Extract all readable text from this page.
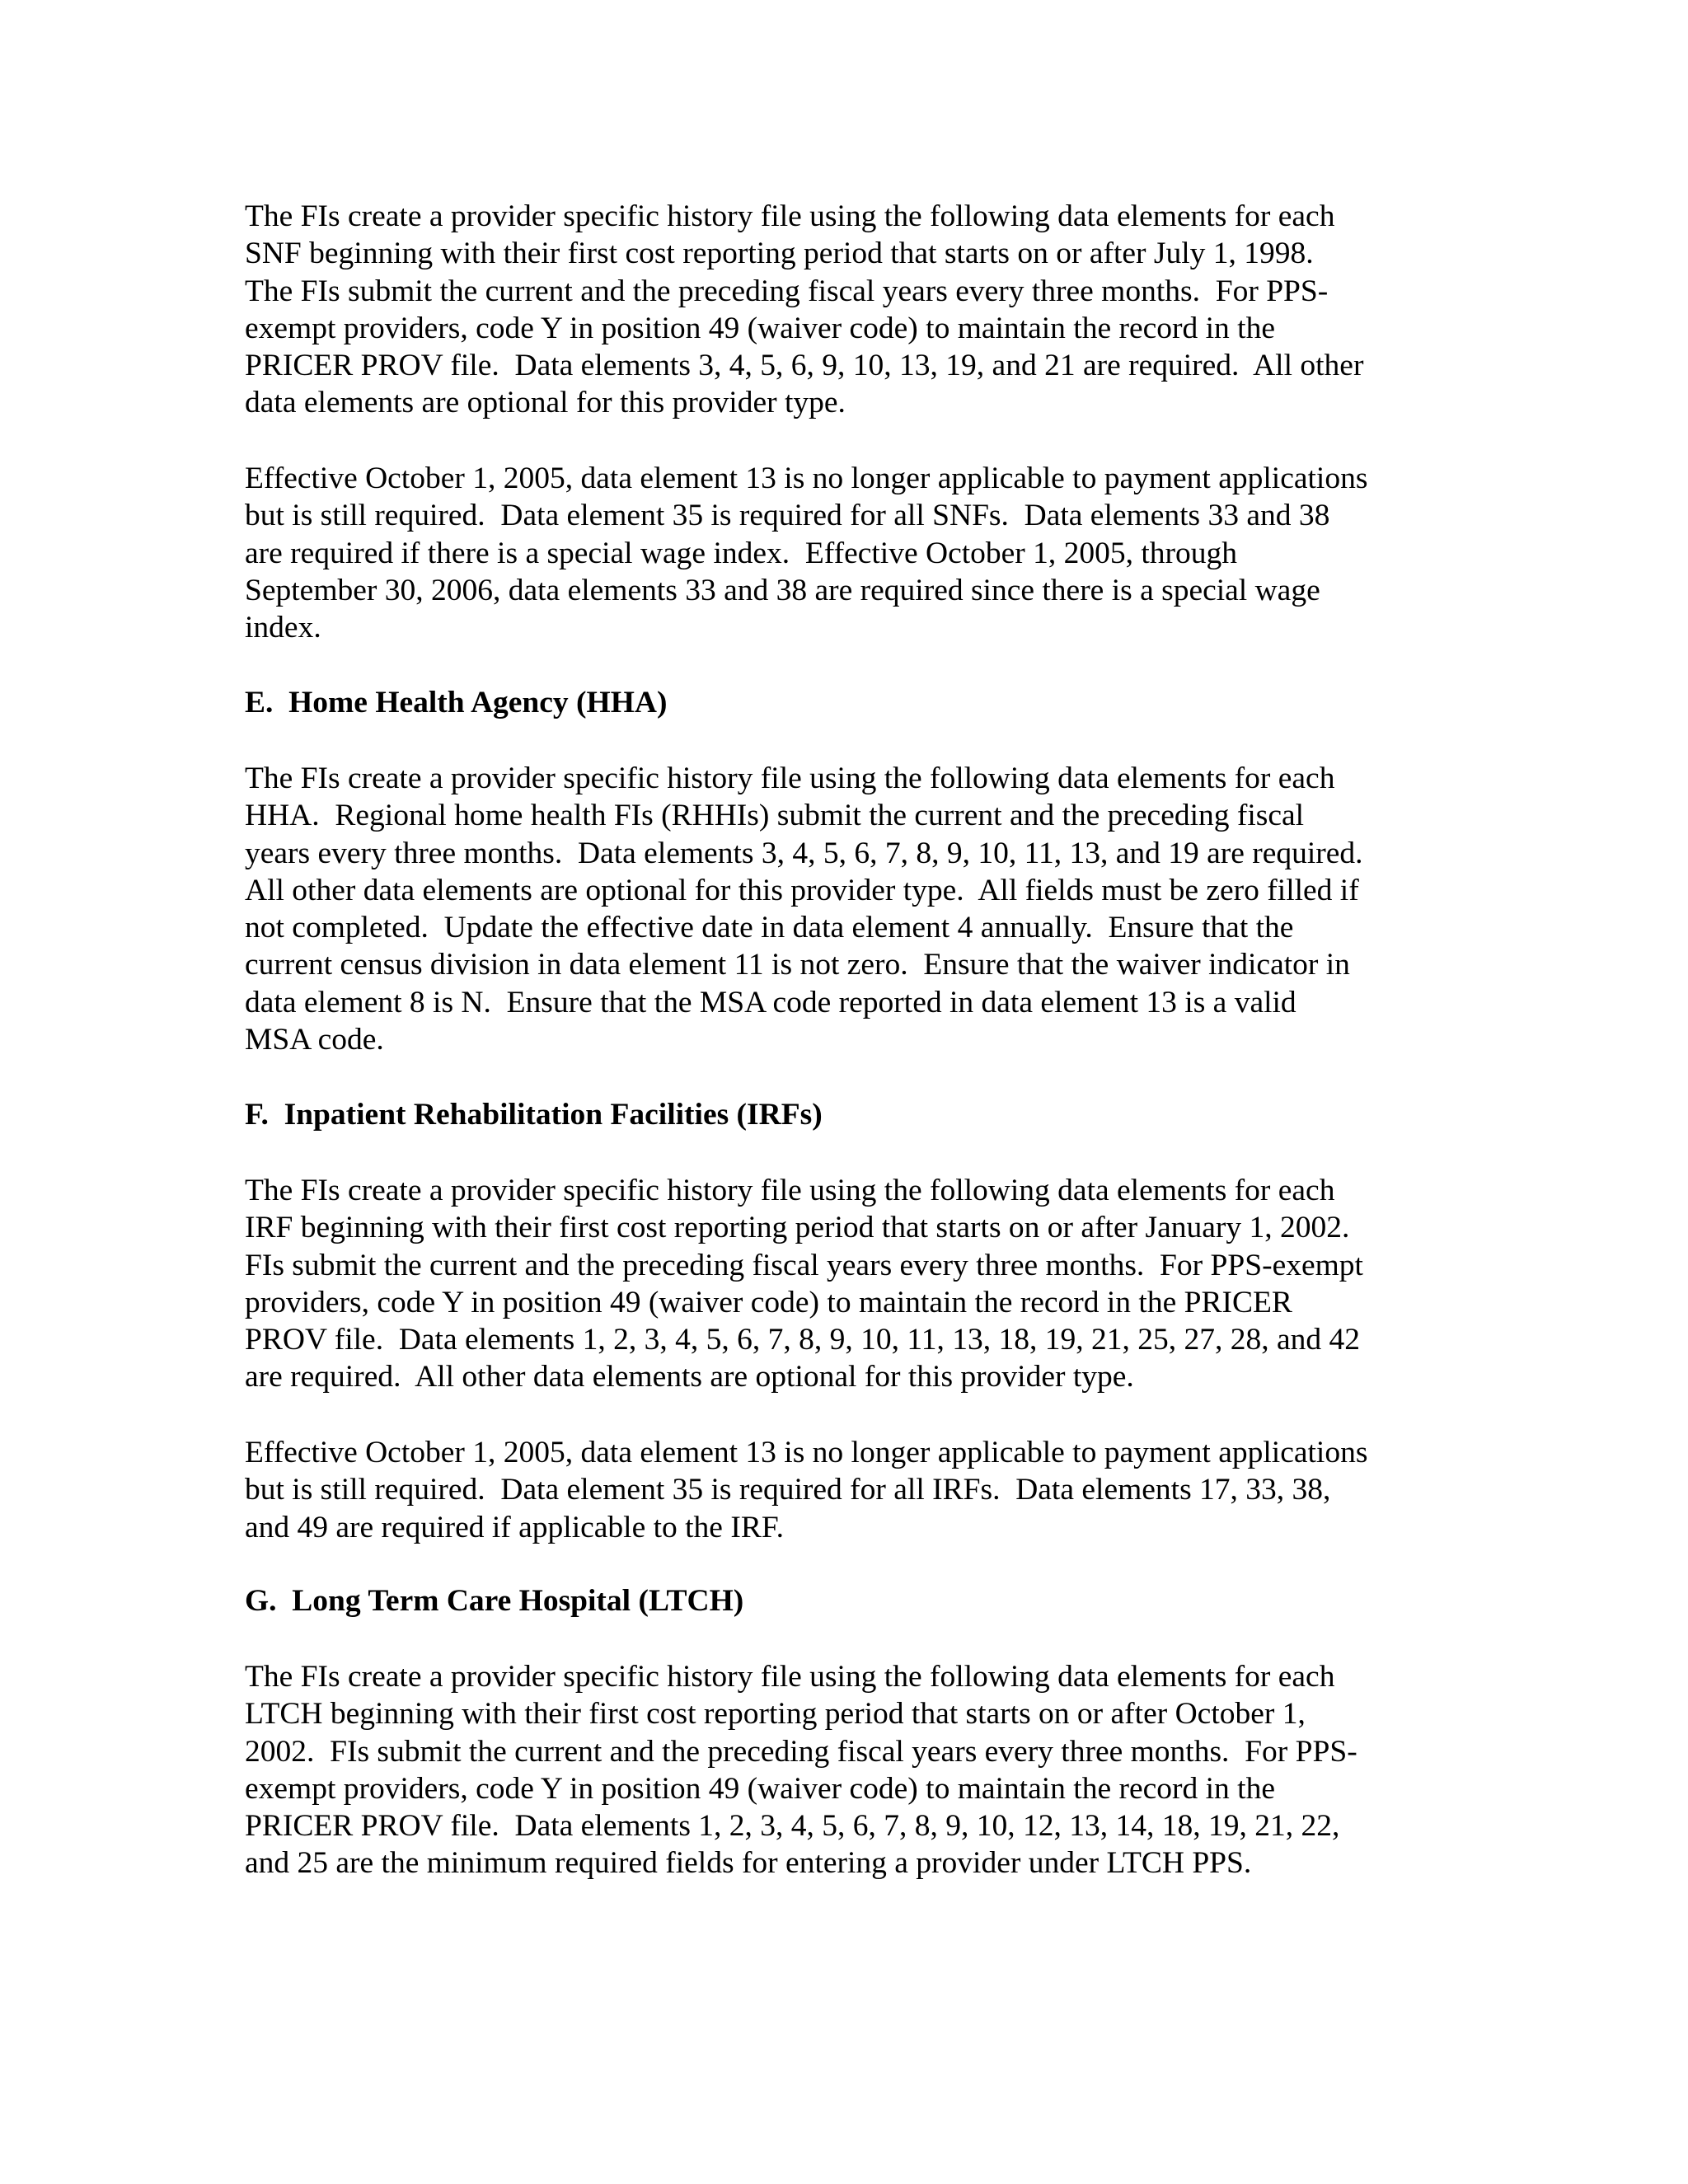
The FIs create a provider specific history file using the following data elements for each
SNF beginning with their first cost reporting period that starts on or after July 1, 1998.
The FIs submit the current and the preceding fiscal years every three months.  For PPS-
exempt providers, code Y in position 49 (waiver code) to maintain the record in the
PRICER PROV file.  Data elements 3, 4, 5, 6, 9, 10, 13, 19, and 21 are required.  All other
data elements are optional for this provider type.
Effective October 1, 2005, data element 13 is no longer applicable to payment applications
but is still required.  Data element 35 is required for all SNFs.  Data elements 33 and 38
are required if there is a special wage index.  Effective October 1, 2005, through
September 30, 2006, data elements 33 and 38 are required since there is a special wage
index.
E.  Home Health Agency (HHA)
The FIs create a provider specific history file using the following data elements for each
HHA.  Regional home health FIs (RHHIs) submit the current and the preceding fiscal
years every three months.  Data elements 3, 4, 5, 6, 7, 8, 9, 10, 11, 13, and 19 are required.
All other data elements are optional for this provider type.  All fields must be zero filled if
not completed.  Update the effective date in data element 4 annually.  Ensure that the
current census division in data element 11 is not zero.  Ensure that the waiver indicator in
data element 8 is N.  Ensure that the MSA code reported in data element 13 is a valid
MSA code.
F.  Inpatient Rehabilitation Facilities (IRFs)
The FIs create a provider specific history file using the following data elements for each
IRF beginning with their first cost reporting period that starts on or after January 1, 2002.
FIs submit the current and the preceding fiscal years every three months.  For PPS-exempt
providers, code Y in position 49 (waiver code) to maintain the record in the PRICER
PROV file.  Data elements 1, 2, 3, 4, 5, 6, 7, 8, 9, 10, 11, 13, 18, 19, 21, 25, 27, 28, and 42
are required.  All other data elements are optional for this provider type.
Effective October 1, 2005, data element 13 is no longer applicable to payment applications
but is still required.  Data element 35 is required for all IRFs.  Data elements 17, 33, 38,
and 49 are required if applicable to the IRF.
G.  Long Term Care Hospital (LTCH)
The FIs create a provider specific history file using the following data elements for each
LTCH beginning with their first cost reporting period that starts on or after October 1,
2002.  FIs submit the current and the preceding fiscal years every three months.  For PPS-
exempt providers, code Y in position 49 (waiver code) to maintain the record in the
PRICER PROV file.  Data elements 1, 2, 3, 4, 5, 6, 7, 8, 9, 10, 12, 13, 14, 18, 19, 21, 22,
and 25 are the minimum required fields for entering a provider under LTCH PPS.
